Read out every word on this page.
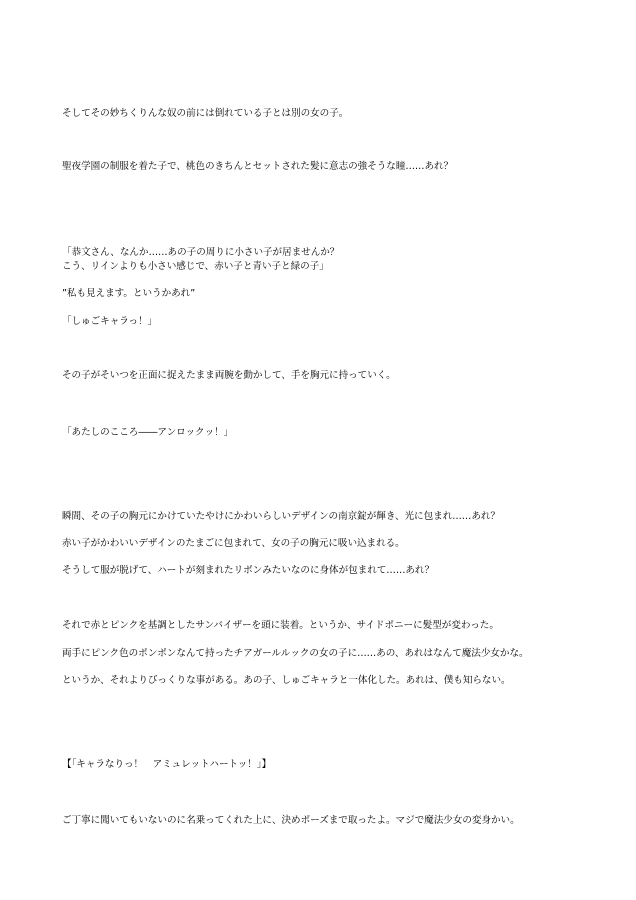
そしてその妙ちくりんな奴の前には倒れている子とは別の女の子。
聖夜学園の制服を着た子で、桃色のきちんとセットされた髪に意志の強そうな瞳……あれ？
「恭文さん、なんか……あの子の周りに小さい子が居ませんか？
こう、リインよりも小さい感じで、赤い子と青い子と緑の子」
”私も見えます。というかあれ”
「しゅごキャラっ！」
その子がそいつを正面に捉えたまま両腕を動かして、手を胸元に持っていく。
「あたしのこころ――アンロックッ！」
瞬間、その子の胸元にかけていたやけにかわいらしいデザインの南京錠が輝き、光に包まれ……あれ？
赤い子がかわいいデザインのたまごに包まれて、女の子の胸元に吸い込まれる。
そうして服が脱げて、ハートが刻まれたリボンみたいなのに身体が包まれて……あれ？
それで赤とピンクを基調としたサンバイザーを頭に装着。というか、サイドポニーに髪型が変わった。
両手にピンク色のポンポンなんて持ったチアガールルックの女の子に……あの、あれはなんて魔法少女かな。
というか、それよりびっくりな事がある。あの子、しゅごキャラと一体化した。あれは、僕も知らない。
【「キャラなりっ！　アミュレットハートッ！」】
ご丁寧に聞いてもいないのに名乗ってくれた上に、決めポーズまで取ったよ。マジで魔法少女の変身かい。
